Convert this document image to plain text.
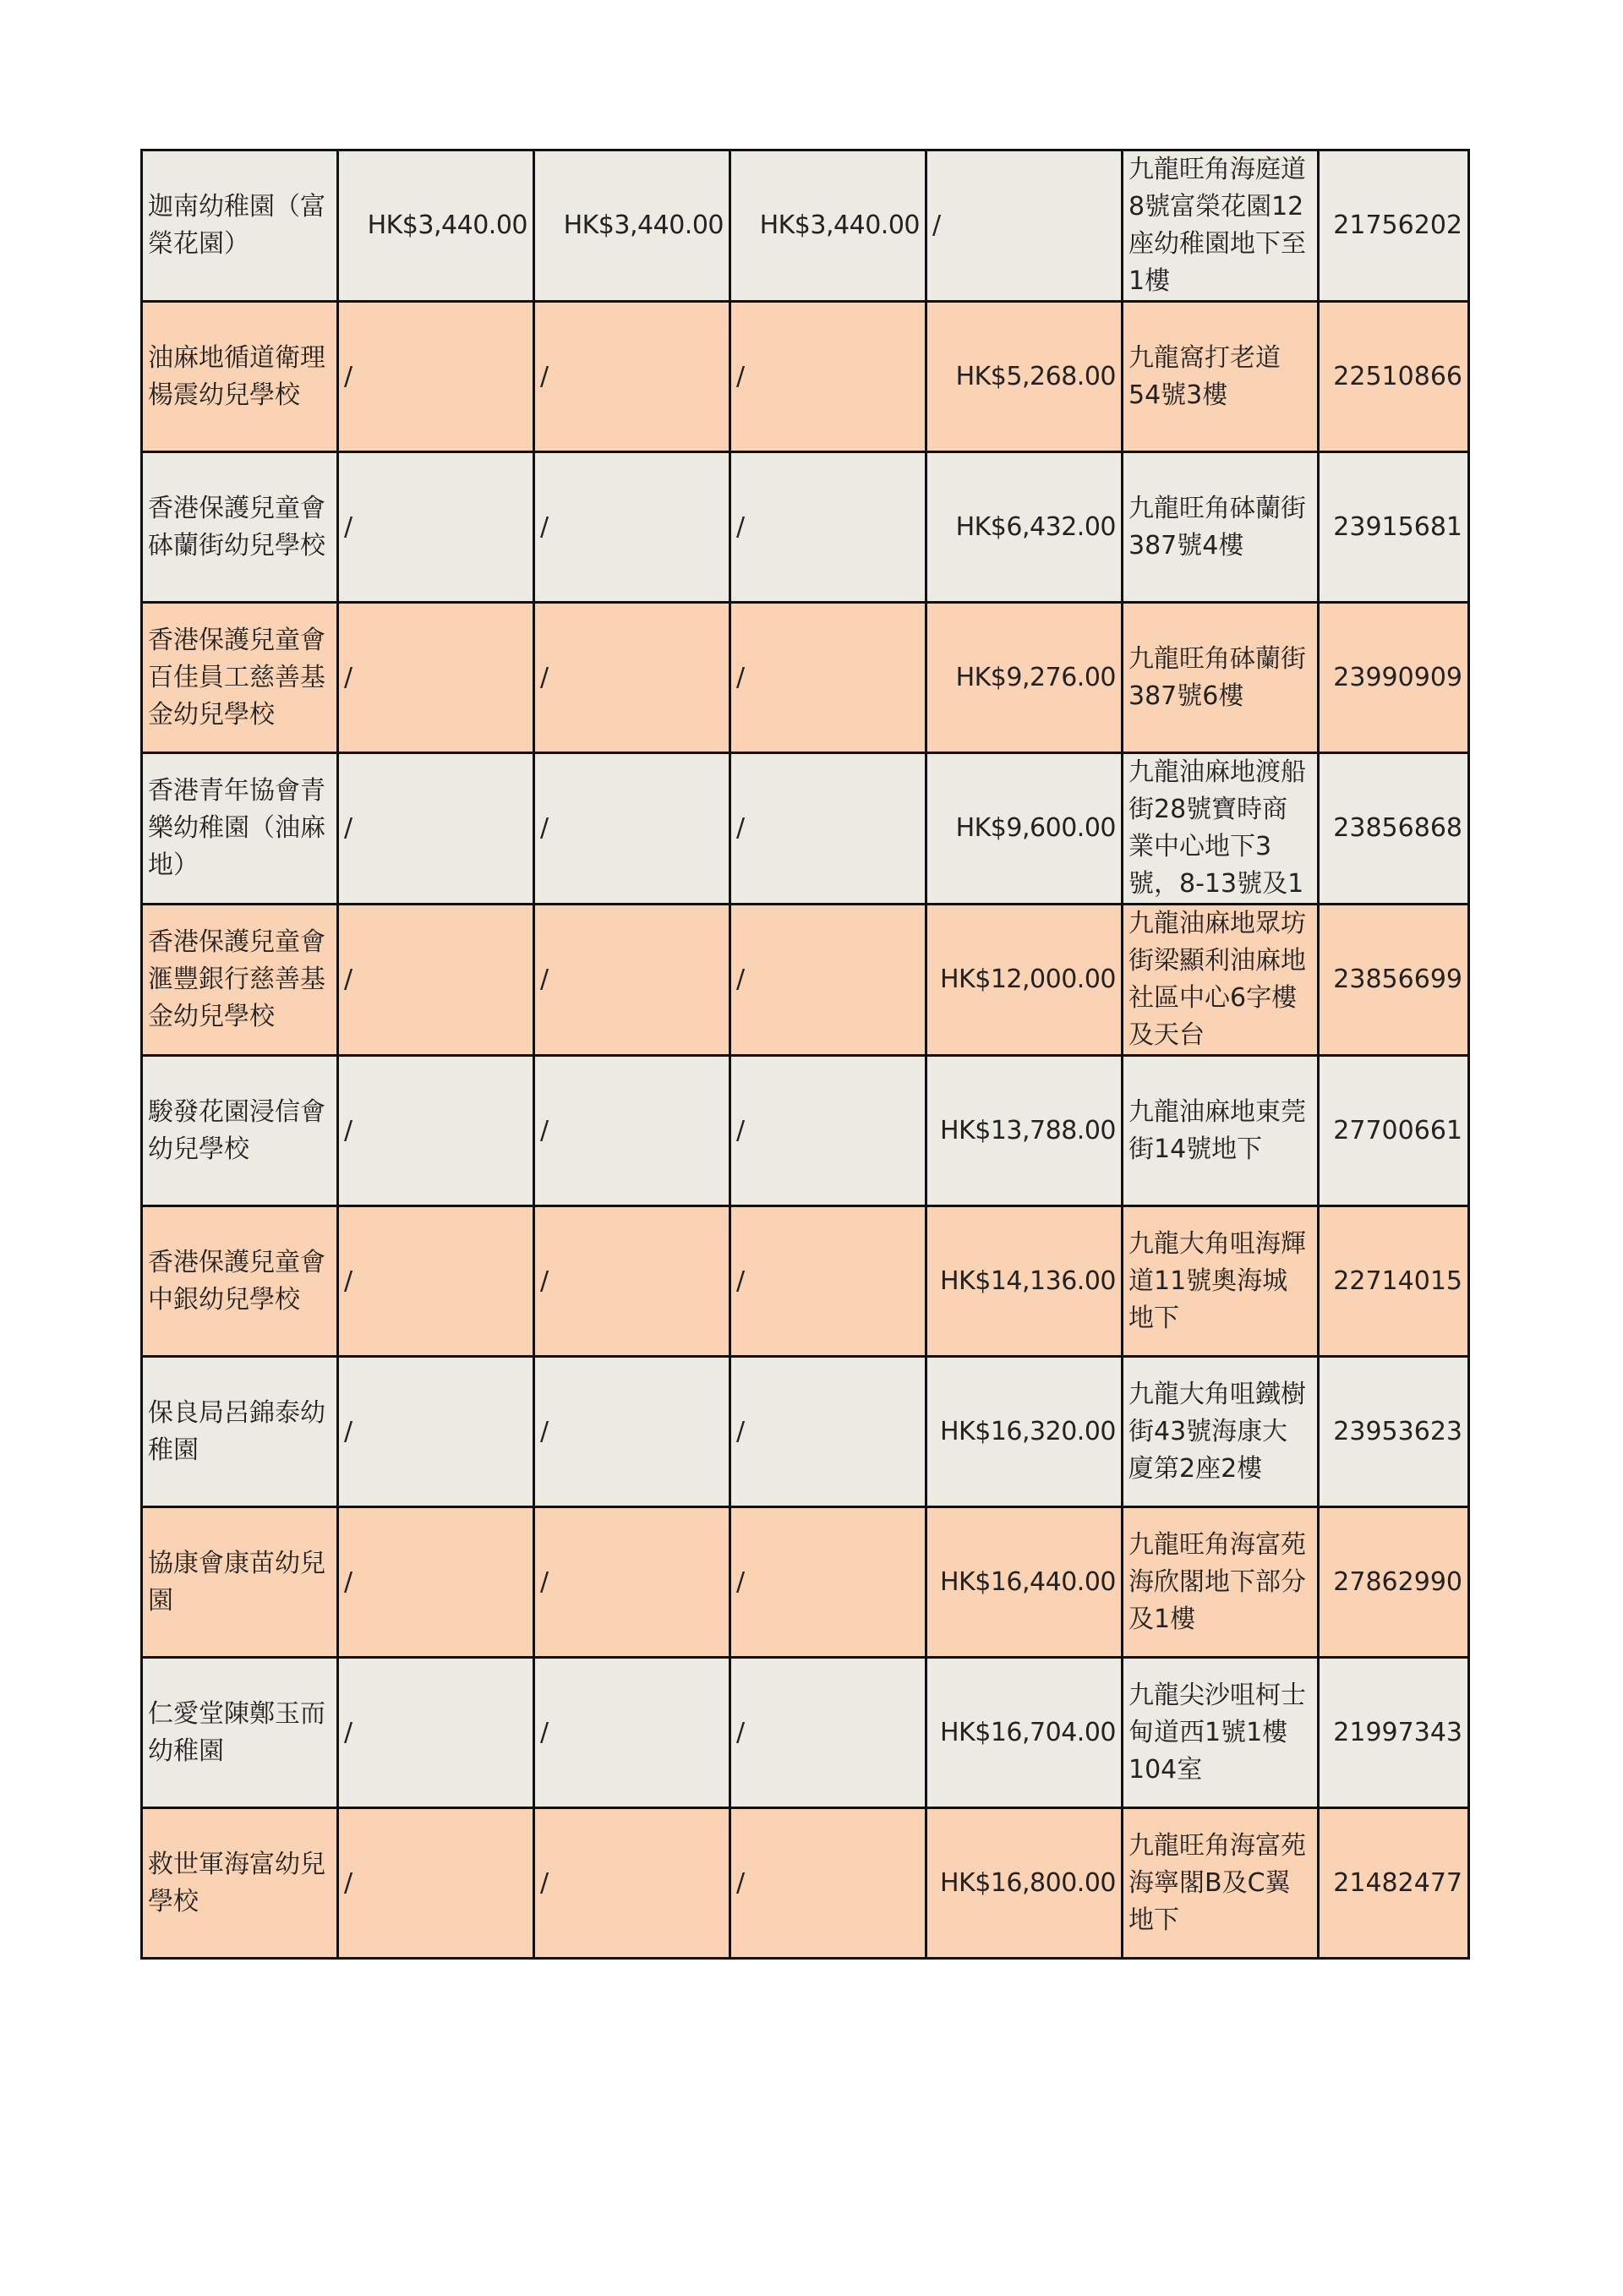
迦南幼稚園（富榮花園）	HK$3,440.00	HK$3,440.00	HK$3,440.00	/	九龍旺角海庭道8號富榮花園12座幼稚園地下至1樓	21756202
油麻地循道衛理楊震幼兒學校	/	/	/	HK$5,268.00	九龍窩打老道54號3樓	22510866
香港保護兒童會砵蘭街幼兒學校	/	/	/	HK$6,432.00	九龍旺角砵蘭街387號4樓	23915681
香港保護兒童會百佳員工慈善基金幼兒學校	/	/	/	HK$9,276.00	九龍旺角砵蘭街387號6樓	23990909
香港青年協會青樂幼稚園（油麻地）	/	/	/	HK$9,600.00	九龍油麻地渡船街28號寶時商業中心地下3號，8-13號及1	23856868
香港保護兒童會滙豐銀行慈善基金幼兒學校	/	/	/	HK$12,000.00	九龍油麻地眾坊街梁顯利油麻地社區中心6字樓及天台	23856699
駿發花園浸信會幼兒學校	/	/	/	HK$13,788.00	九龍油麻地東莞街14號地下	27700661
香港保護兒童會中銀幼兒學校	/	/	/	HK$14,136.00	九龍大角咀海輝道11號奧海城地下	22714015
保良局呂錦泰幼稚園	/	/	/	HK$16,320.00	九龍大角咀鐵樹街43號海康大廈第2座2樓	23953623
協康會康苗幼兒園	/	/	/	HK$16,440.00	九龍旺角海富苑海欣閣地下部分及1樓	27862990
仁愛堂陳鄭玉而幼稚園	/	/	/	HK$16,704.00	九龍尖沙咀柯士甸道西1號1樓104室	21997343
救世軍海富幼兒學校	/	/	/	HK$16,800.00	九龍旺角海富苑海寧閣B及C翼地下	21482477
